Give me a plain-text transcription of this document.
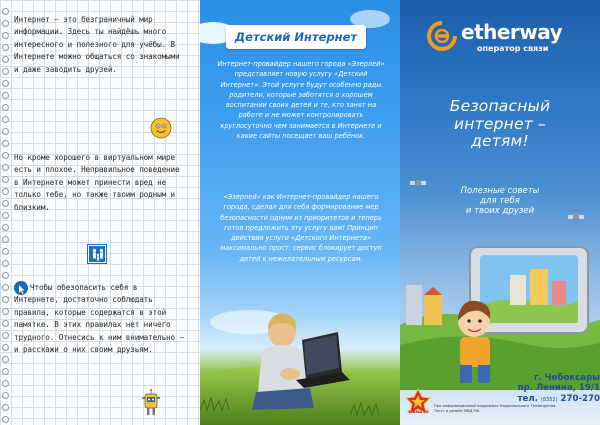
Интернет – это безграничный мир информации. Здесь ты найдёшь много интересного и полезного для учёбы. В Интернете можно общаться со знакомыми и даже заводить друзей.
Но кроме хорошего в виртуальном мире есть и плохое. Неправильное поведение в Интернете может принести вред не только тебе, но также твоим родным и близким.
Чтобы обезопасить себя в Интернете, достаточно соблюдать правила, которые содержатся в этой памятке. В этих правилах нет ничего трудного. Отнесись к ним внимательно – и расскажи о них своим друзьям.
Детский Интернет
Интернет-провайдер нашего города «Эзерлей» представляет новую услугу «Детский Интернет». Этой услуге будут особенно рады родители, которые заботятся о хорошем воспитании своих детей и те, кто занят на работе и не может контролировать круглосуточно чем занимается в Интернете и какие сайты посещает ваш ребёнок.
«Эзерлей» как Интернет-провайдер нашего города, сделал для себя формирование мер безопасности одним из приоритетов и теперь готов предложить эту услугу вам! Принцип действия услуги «Детского Интернета» максимально прост: сервис блокирует доступ детей к нежелательным ресурсам.
etherway
оператор связи
Безопасный
интернет –
детям!
Полезные советы
для тебя
и твоих друзей
ЧАВАШ ЕН
г. Чебоксары
пр. Ленина, 19/1
тел. (8352) 270-270
При информационной поддержке Национального Телевидения.
Текст и дизайн МВД РФ.
